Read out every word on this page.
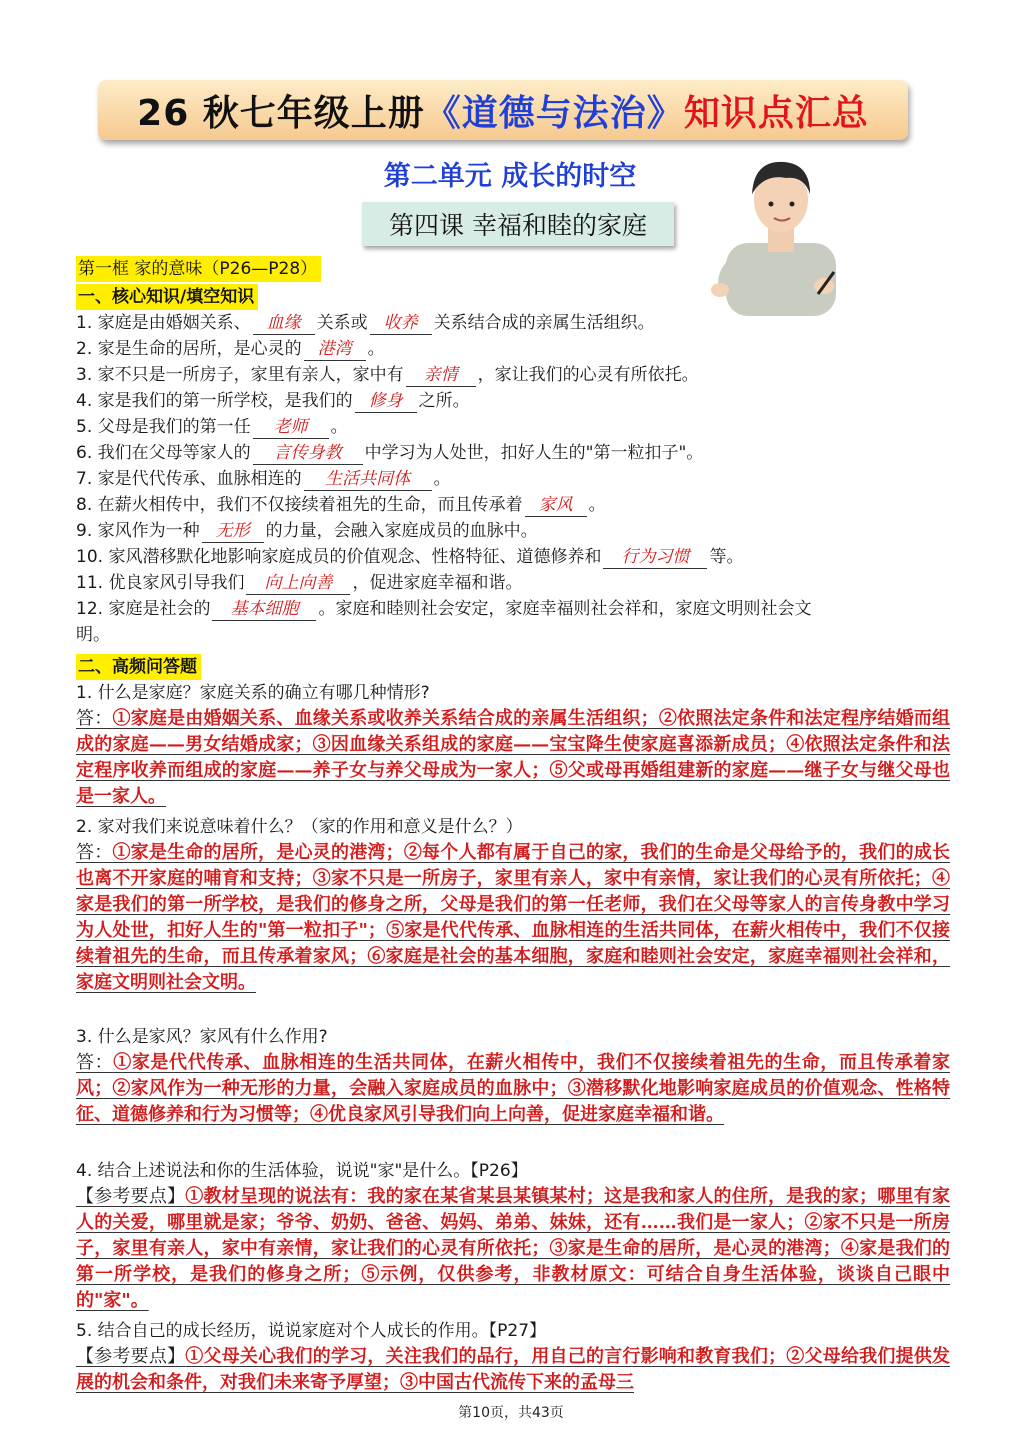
26 秋七年级上册 《道德与法治》 知识点汇总
第二单元 成长的时空
第四课 幸福和睦的家庭
第一框 家的意味（P26—P28）
一、核心知识/填空知识
1. 家庭是由婚姻关系、 血缘 关系或 收养 关系结合成的亲属生活组织。
2. 家是生命的居所，是心灵的 港湾 。
3. 家不只是一所房子，家里有亲人，家中有 亲情 ，家让我们的心灵有所依托。
4. 家是我们的第一所学校，是我们的 修身 之所。
5. 父母是我们的第一任 老师 。
6. 我们在父母等家人的 言传身教 中学习为人处世，扣好人生的"第一粒扣子"。
7. 家是代代传承、血脉相连的 生活共同体 。
8. 在薪火相传中，我们不仅接续着祖先的生命，而且传承着 家风 。
9. 家风作为一种 无形 的力量，会融入家庭成员的血脉中。
10. 家风潜移默化地影响家庭成员的价值观念、性格特征、道德修养和 行为习惯 等。
11. 优良家风引导我们 向上向善 ，促进家庭幸福和谐。
12. 家庭是社会的 基本细胞 。家庭和睦则社会安定，家庭幸福则社会祥和，家庭文明则社会文
明。
二、高频问答题
1. 什么是家庭？家庭关系的确立有哪几种情形?
答：①家庭是由婚姻关系、血缘关系或收养关系结合成的亲属生活组织；②依照法定条件和法定程序结婚而组成的家庭——男女结婚成家；③因血缘关系组成的家庭——宝宝降生使家庭喜添新成员；④依照法定条件和法定程序收养而组成的家庭——养子女与养父母成为一家人；⑤父或母再婚组建新的家庭——继子女与继父母也是一家人。
2. 家对我们来说意味着什么？（家的作用和意义是什么？）
答：①家是生命的居所，是心灵的港湾；②每个人都有属于自己的家，我们的生命是父母给予的，我们的成长也离不开家庭的哺育和支持；③家不只是一所房子，家里有亲人，家中有亲情，家让我们的心灵有所依托；④家是我们的第一所学校，是我们的修身之所，父母是我们的第一任老师，我们在父母等家人的言传身教中学习为人处世，扣好人生的"第一粒扣子"；⑤家是代代传承、血脉相连的生活共同体，在薪火相传中，我们不仅接续着祖先的生命，而且传承着家风；⑥家庭是社会的基本细胞，家庭和睦则社会安定，家庭幸福则社会祥和，家庭文明则社会文明。
3. 什么是家风？家风有什么作用?
答：①家是代代传承、血脉相连的生活共同体，在薪火相传中，我们不仅接续着祖先的生命，而且传承着家风；②家风作为一种无形的力量，会融入家庭成员的血脉中；③潜移默化地影响家庭成员的价值观念、性格特征、道德修养和行为习惯等；④优良家风引导我们向上向善，促进家庭幸福和谐。
4. 结合上述说法和你的生活体验，说说"家"是什么。【P26】
【参考要点】①教材呈现的说法有：我的家在某省某县某镇某村；这是我和家人的住所，是我的家；哪里有家人的关爱，哪里就是家；爷爷、奶奶、爸爸、妈妈、弟弟、妹妹，还有……我们是一家人；②家不只是一所房子，家里有亲人，家中有亲情，家让我们的心灵有所依托；③家是生命的居所，是心灵的港湾；④家是我们的第一所学校，是我们的修身之所；⑤示例，仅供参考，非教材原文：可结合自身生活体验，谈谈自己眼中的"家"。
5. 结合自己的成长经历，说说家庭对个人成长的作用。【P27】
【参考要点】①父母关心我们的学习，关注我们的品行，用自己的言行影响和教育我们；②父母给我们提供发展的机会和条件，对我们未来寄予厚望；③中国古代流传下来的孟母三
第10页，共43页
